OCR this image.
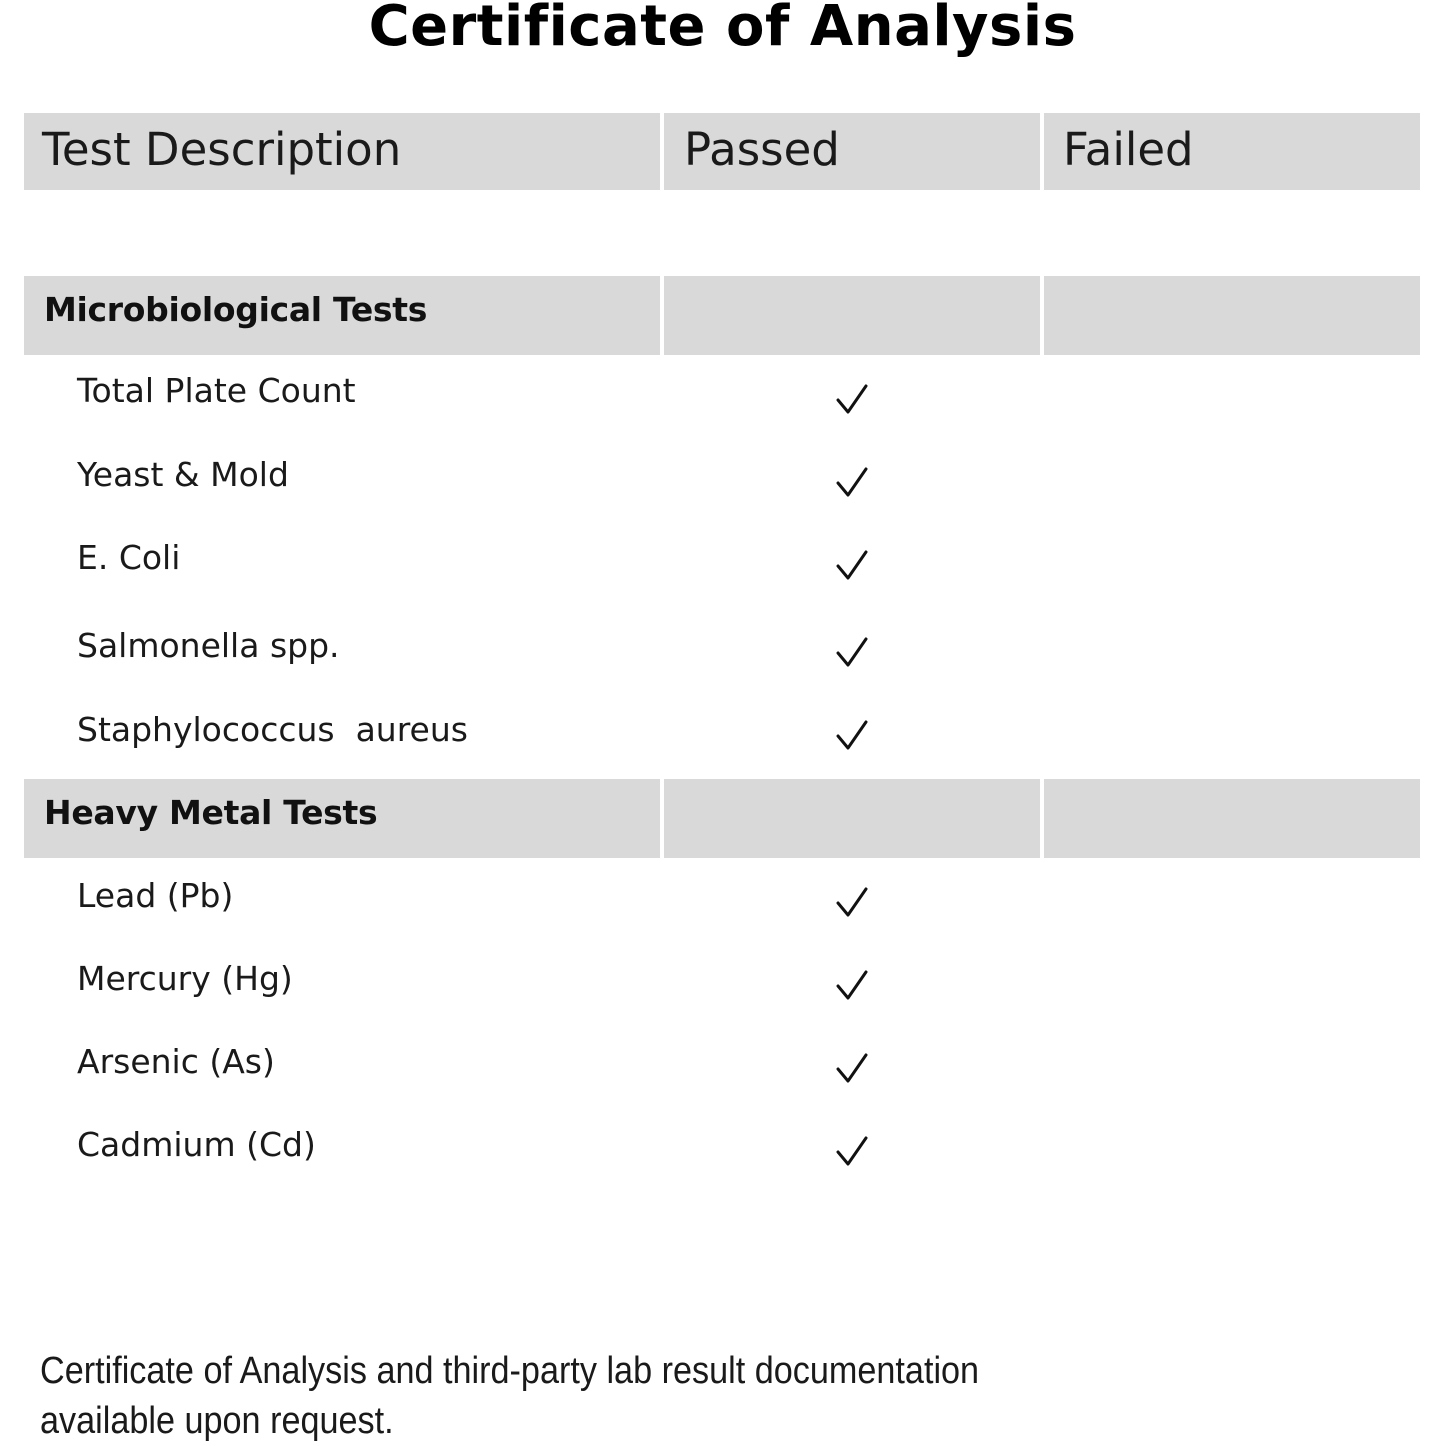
Certificate of Analysis
Test Description	Passed	Failed
Microbiological Tests
Total Plate Count
Yeast & Mold
E. Coli
Salmonella spp.
Staphylococcus  aureus
Heavy Metal Tests
Lead (Pb)
Mercury (Hg)
Arsenic (As)
Cadmium (Cd)
Certificate of Analysis and third-party lab result documentation available upon request.
